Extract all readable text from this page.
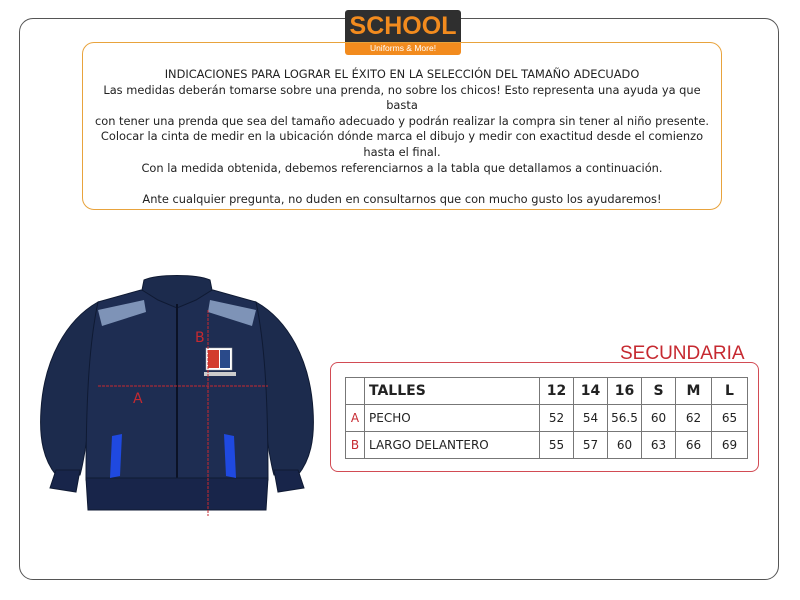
SCHOOL
Uniforms & More!

INDICACIONES PARA LOGRAR EL ÉXITO EN LA SELECCIÓN DEL TAMAÑO ADECUADO

Las medidas deberán tomarse sobre una prenda, no sobre los chicos! Esto representa una ayuda ya que basta

con tener una prenda que sea del tamaño adecuado y podrán realizar la compra sin tener al niño presente.

Colocar la cinta de medir en la ubicación dónde marca el dibujo y medir con exactitud desde el comienzo

hasta el final.

Con la medida obtenida, debemos referenciarnos a la tabla que detallamos a continuación.

Ante cualquier pregunta, no duden en consultarnos que con mucho gusto los ayudaremos!

A
B
SECUNDARIA
	TALLES	12	14	16	S	M	L
A	PECHO	52	54	56.5	60	62	65
B	LARGO DELANTERO	55	57	60	63	66	69
